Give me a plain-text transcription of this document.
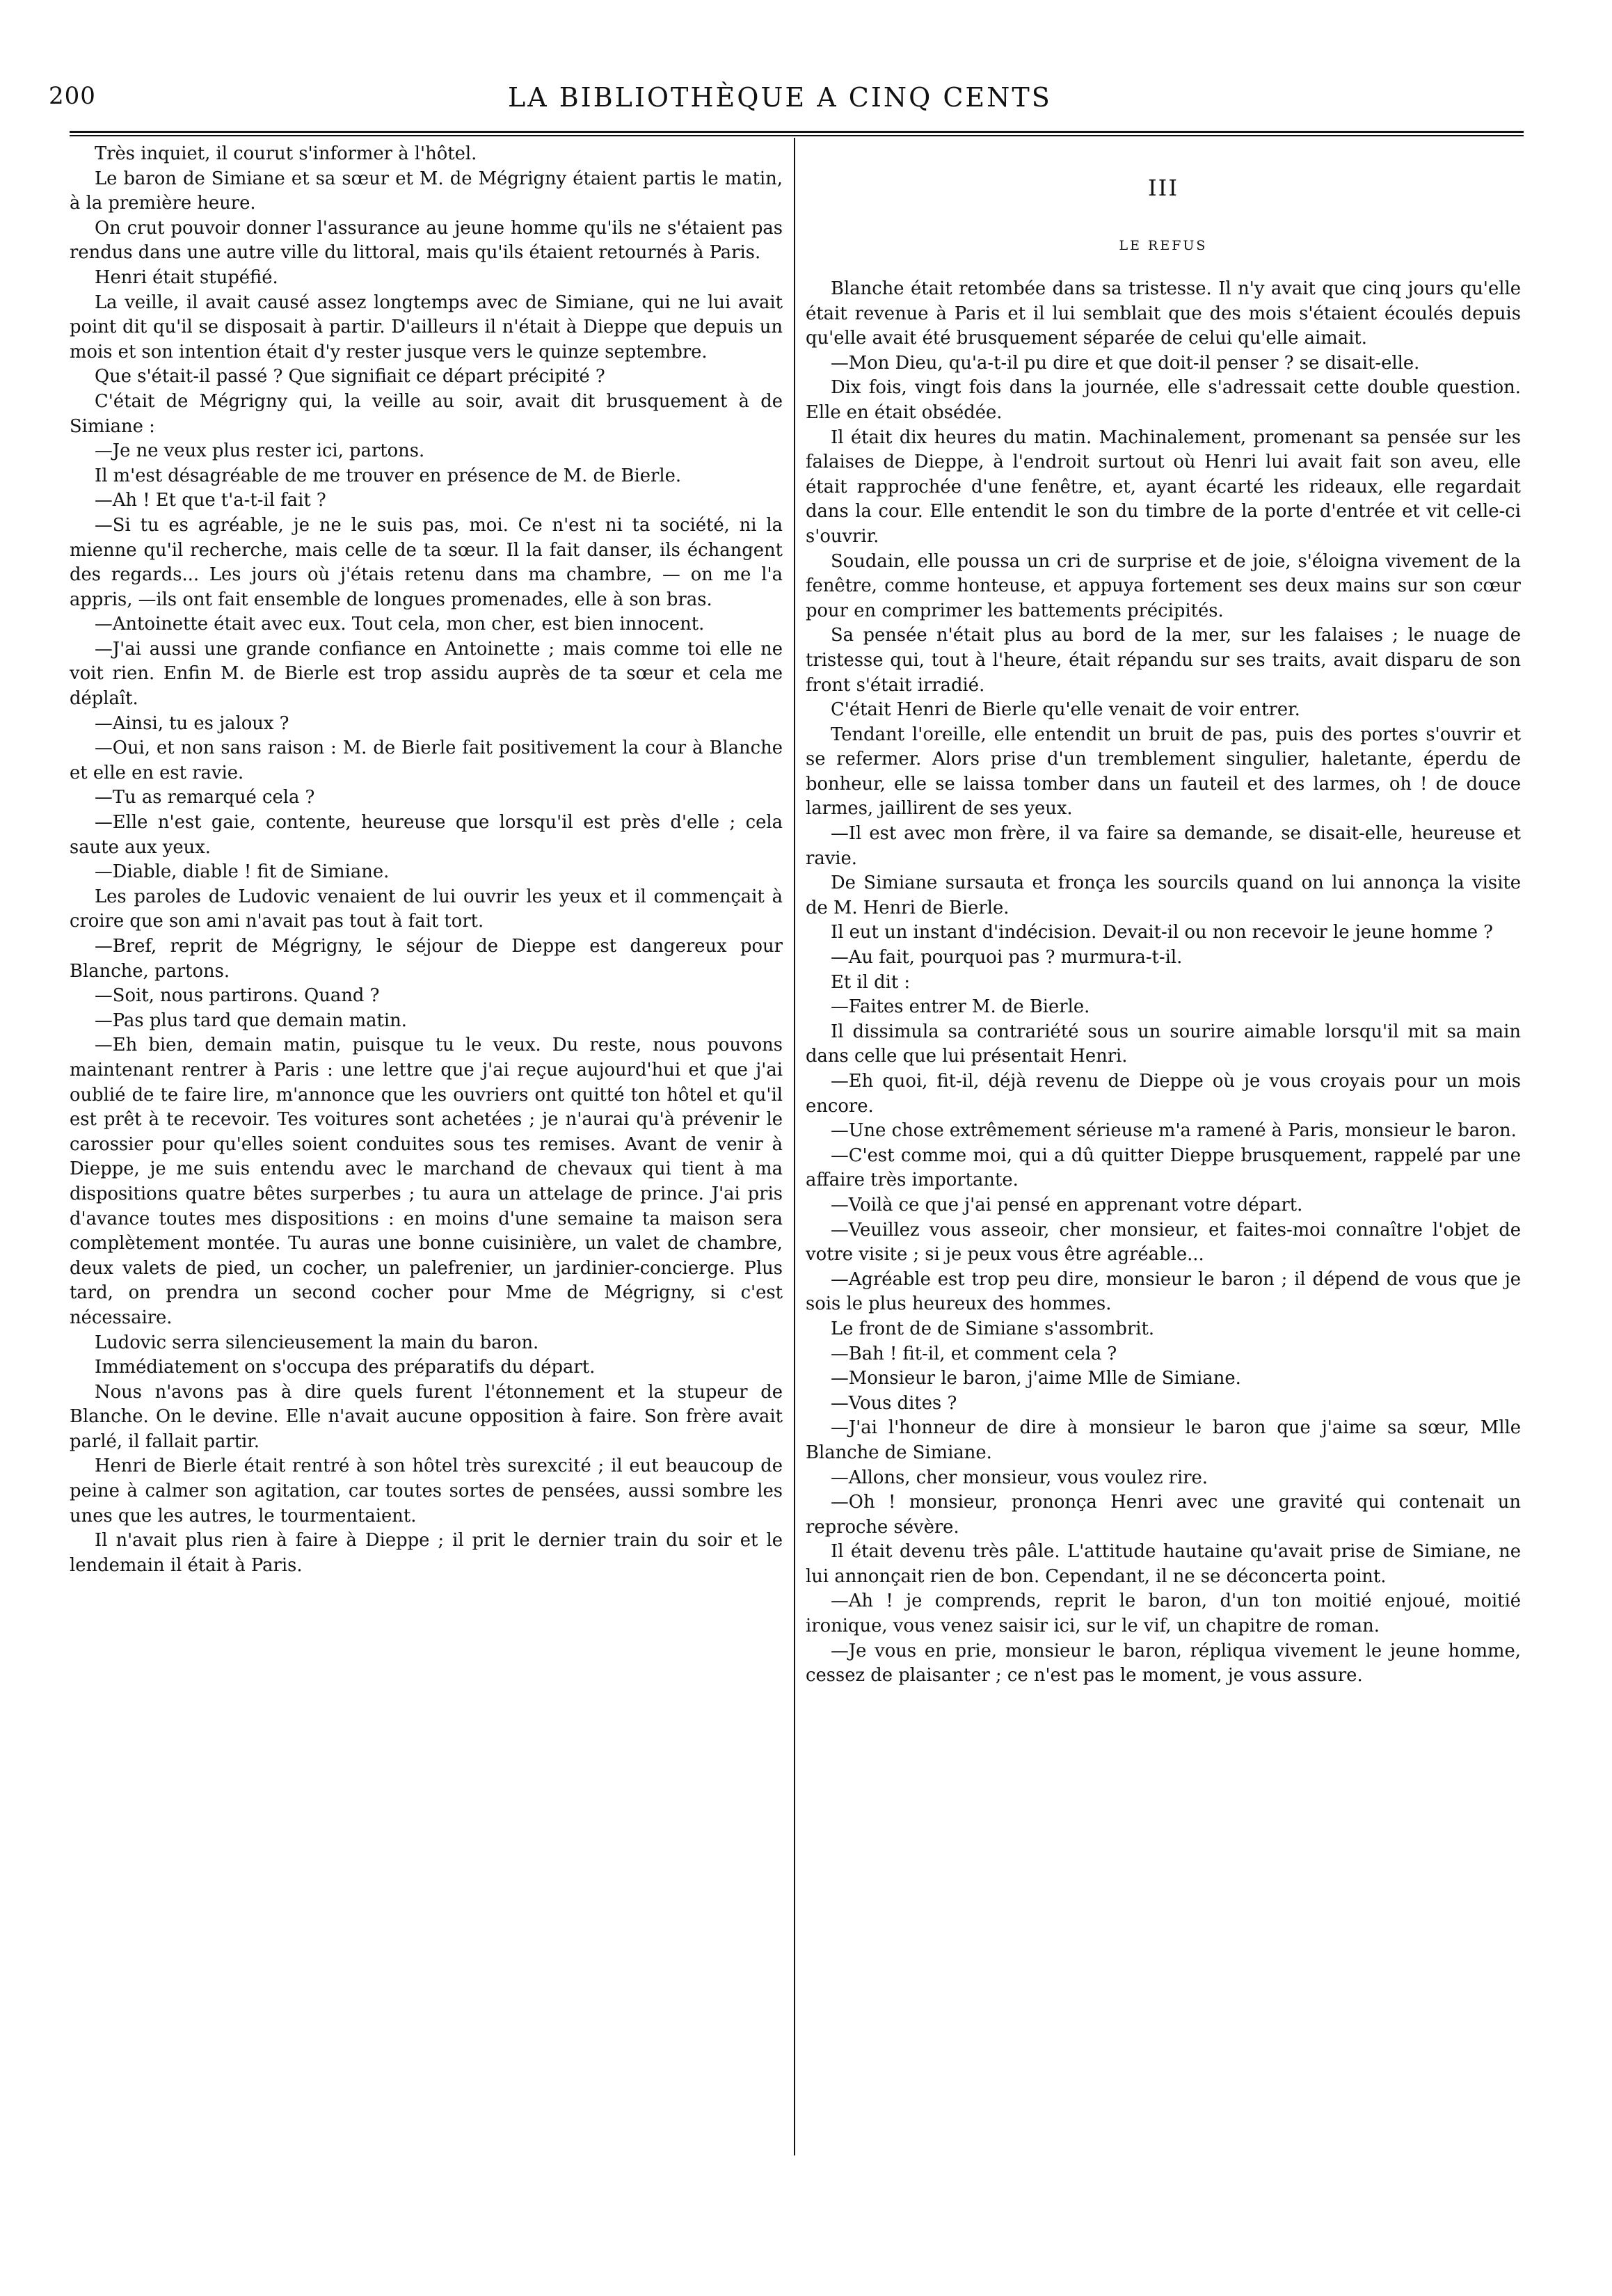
200	LA BIBLIOTHÈQUE A CINQ CENTS

Très inquiet, il courut s'informer à l'hôtel.

Le baron de Simiane et sa sœur et M. de Mégrigny étaient partis le matin, à la première heure.

On crut pouvoir donner l'assurance au jeune homme qu'ils ne s'étaient pas rendus dans une autre ville du littoral, mais qu'ils étaient retournés à Paris.

Henri était stupéfié.

La veille, il avait causé assez longtemps avec de Simiane, qui ne lui avait point dit qu'il se disposait à partir. D'ailleurs il n'était à Dieppe que depuis un mois et son intention était d'y rester jusque vers le quinze septembre.

Que s'était-il passé ? Que signifiait ce départ précipité ?

C'était de Mégrigny qui, la veille au soir, avait dit brusquement à de Simiane :

—Je ne veux plus rester ici, partons.

Il m'est désagréable de me trouver en présence de M. de Bierle.

—Ah ! Et que t'a-t-il fait ?

—Si tu es agréable, je ne le suis pas, moi. Ce n'est ni ta société, ni la mienne qu'il recherche, mais celle de ta sœur. Il la fait danser, ils échangent des regards... Les jours où j'étais retenu dans ma chambre, — on me l'a appris, —ils ont fait ensemble de longues promenades, elle à son bras.

—Antoinette était avec eux. Tout cela, mon cher, est bien innocent.

—J'ai aussi une grande confiance en Antoinette ; mais comme toi elle ne voit rien. Enfin M. de Bierle est trop assidu auprès de ta sœur et cela me déplaît.

—Ainsi, tu es jaloux ?

—Oui, et non sans raison : M. de Bierle fait positivement la cour à Blanche et elle en est ravie.

—Tu as remarqué cela ?

—Elle n'est gaie, contente, heureuse que lorsqu'il est près d'elle ; cela saute aux yeux.

—Diable, diable ! fit de Simiane.

Les paroles de Ludovic venaient de lui ouvrir les yeux et il commençait à croire que son ami n'avait pas tout à fait tort.

—Bref, reprit de Mégrigny, le séjour de Dieppe est dangereux pour Blanche, partons.

—Soit, nous partirons. Quand ?

—Pas plus tard que demain matin.

—Eh bien, demain matin, puisque tu le veux. Du reste, nous pouvons maintenant rentrer à Paris : une lettre que j'ai reçue aujourd'hui et que j'ai oublié de te faire lire, m'annonce que les ouvriers ont quitté ton hôtel et qu'il est prêt à te recevoir. Tes voitures sont achetées ; je n'aurai qu'à prévenir le carossier pour qu'elles soient conduites sous tes remises. Avant de venir à Dieppe, je me suis entendu avec le marchand de chevaux qui tient à ma dispositions quatre bêtes surperbes ; tu aura un attelage de prince. J'ai pris d'avance toutes mes dispositions : en moins d'une semaine ta maison sera complètement montée. Tu auras une bonne cuisinière, un valet de chambre, deux valets de pied, un cocher, un palefrenier, un jardinier-concierge. Plus tard, on prendra un second cocher pour Mme de Mégrigny, si c'est nécessaire.

Ludovic serra silencieusement la main du baron.

Immédiatement on s'occupa des préparatifs du départ.

Nous n'avons pas à dire quels furent l'étonnement et la stupeur de Blanche. On le devine. Elle n'avait aucune opposition à faire. Son frère avait parlé, il fallait partir.

Henri de Bierle était rentré à son hôtel très surexcité ; il eut beaucoup de peine à calmer son agitation, car toutes sortes de pensées, aussi sombre les unes que les autres, le tourmentaient.

Il n'avait plus rien à faire à Dieppe ; il prit le dernier train du soir et le lendemain il était à Paris.

III
LE REFUS

Blanche était retombée dans sa tristesse. Il n'y avait que cinq jours qu'elle était revenue à Paris et il lui semblait que des mois s'étaient écoulés depuis qu'elle avait été brusquement séparée de celui qu'elle aimait.

—Mon Dieu, qu'a-t-il pu dire et que doit-il penser ? se disait-elle.

Dix fois, vingt fois dans la journée, elle s'adressait cette double question. Elle en était obsédée.

Il était dix heures du matin. Machinalement, promenant sa pensée sur les falaises de Dieppe, à l'endroit surtout où Henri lui avait fait son aveu, elle était rapprochée d'une fenêtre, et, ayant écarté les rideaux, elle regardait dans la cour. Elle entendit le son du timbre de la porte d'entrée et vit celle-ci s'ouvrir.

Soudain, elle poussa un cri de surprise et de joie, s'éloigna vivement de la fenêtre, comme honteuse, et appuya fortement ses deux mains sur son cœur pour en comprimer les battements précipités.

Sa pensée n'était plus au bord de la mer, sur les falaises ; le nuage de tristesse qui, tout à l'heure, était répandu sur ses traits, avait disparu de son front s'était irradié.

C'était Henri de Bierle qu'elle venait de voir entrer.

Tendant l'oreille, elle entendit un bruit de pas, puis des portes s'ouvrir et se refermer. Alors prise d'un tremblement singulier, haletante, éperdu de bonheur, elle se laissa tomber dans un fauteil et des larmes, oh ! de douce larmes, jaillirent de ses yeux.

—Il est avec mon frère, il va faire sa demande, se disait-elle, heureuse et ravie.

De Simiane sursauta et fronça les sourcils quand on lui annonça la visite de M. Henri de Bierle.

Il eut un instant d'indécision. Devait-il ou non recevoir le jeune homme ?

—Au fait, pourquoi pas ? murmura-t-il.

Et il dit :

—Faites entrer M. de Bierle.

Il dissimula sa contrariété sous un sourire aimable lorsqu'il mit sa main dans celle que lui présentait Henri.

—Eh quoi, fit-il, déjà revenu de Dieppe où je vous croyais pour un mois encore.

—Une chose extrêmement sérieuse m'a ramené à Paris, monsieur le baron.

—C'est comme moi, qui a dû quitter Dieppe brusquement, rappelé par une affaire très importante.

—Voilà ce que j'ai pensé en apprenant votre départ.

—Veuillez vous asseoir, cher monsieur, et faites-moi connaître l'objet de votre visite ; si je peux vous être agréable...

—Agréable est trop peu dire, monsieur le baron ; il dépend de vous que je sois le plus heureux des hommes.

Le front de de Simiane s'assombrit.

—Bah ! fit-il, et comment cela ?

—Monsieur le baron, j'aime Mlle de Simiane.

—Vous dites ?

—J'ai l'honneur de dire à monsieur le baron que j'aime sa sœur, Mlle Blanche de Simiane.

—Allons, cher monsieur, vous voulez rire.

—Oh ! monsieur, prononça Henri avec une gravité qui contenait un reproche sévère.

Il était devenu très pâle. L'attitude hautaine qu'avait prise de Simiane, ne lui annonçait rien de bon. Cependant, il ne se déconcerta point.

—Ah ! je comprends, reprit le baron, d'un ton moitié enjoué, moitié ironique, vous venez saisir ici, sur le vif, un chapitre de roman.

—Je vous en prie, monsieur le baron, répliqua vivement le jeune homme, cessez de plaisanter ; ce n'est pas le moment, je vous assure.
